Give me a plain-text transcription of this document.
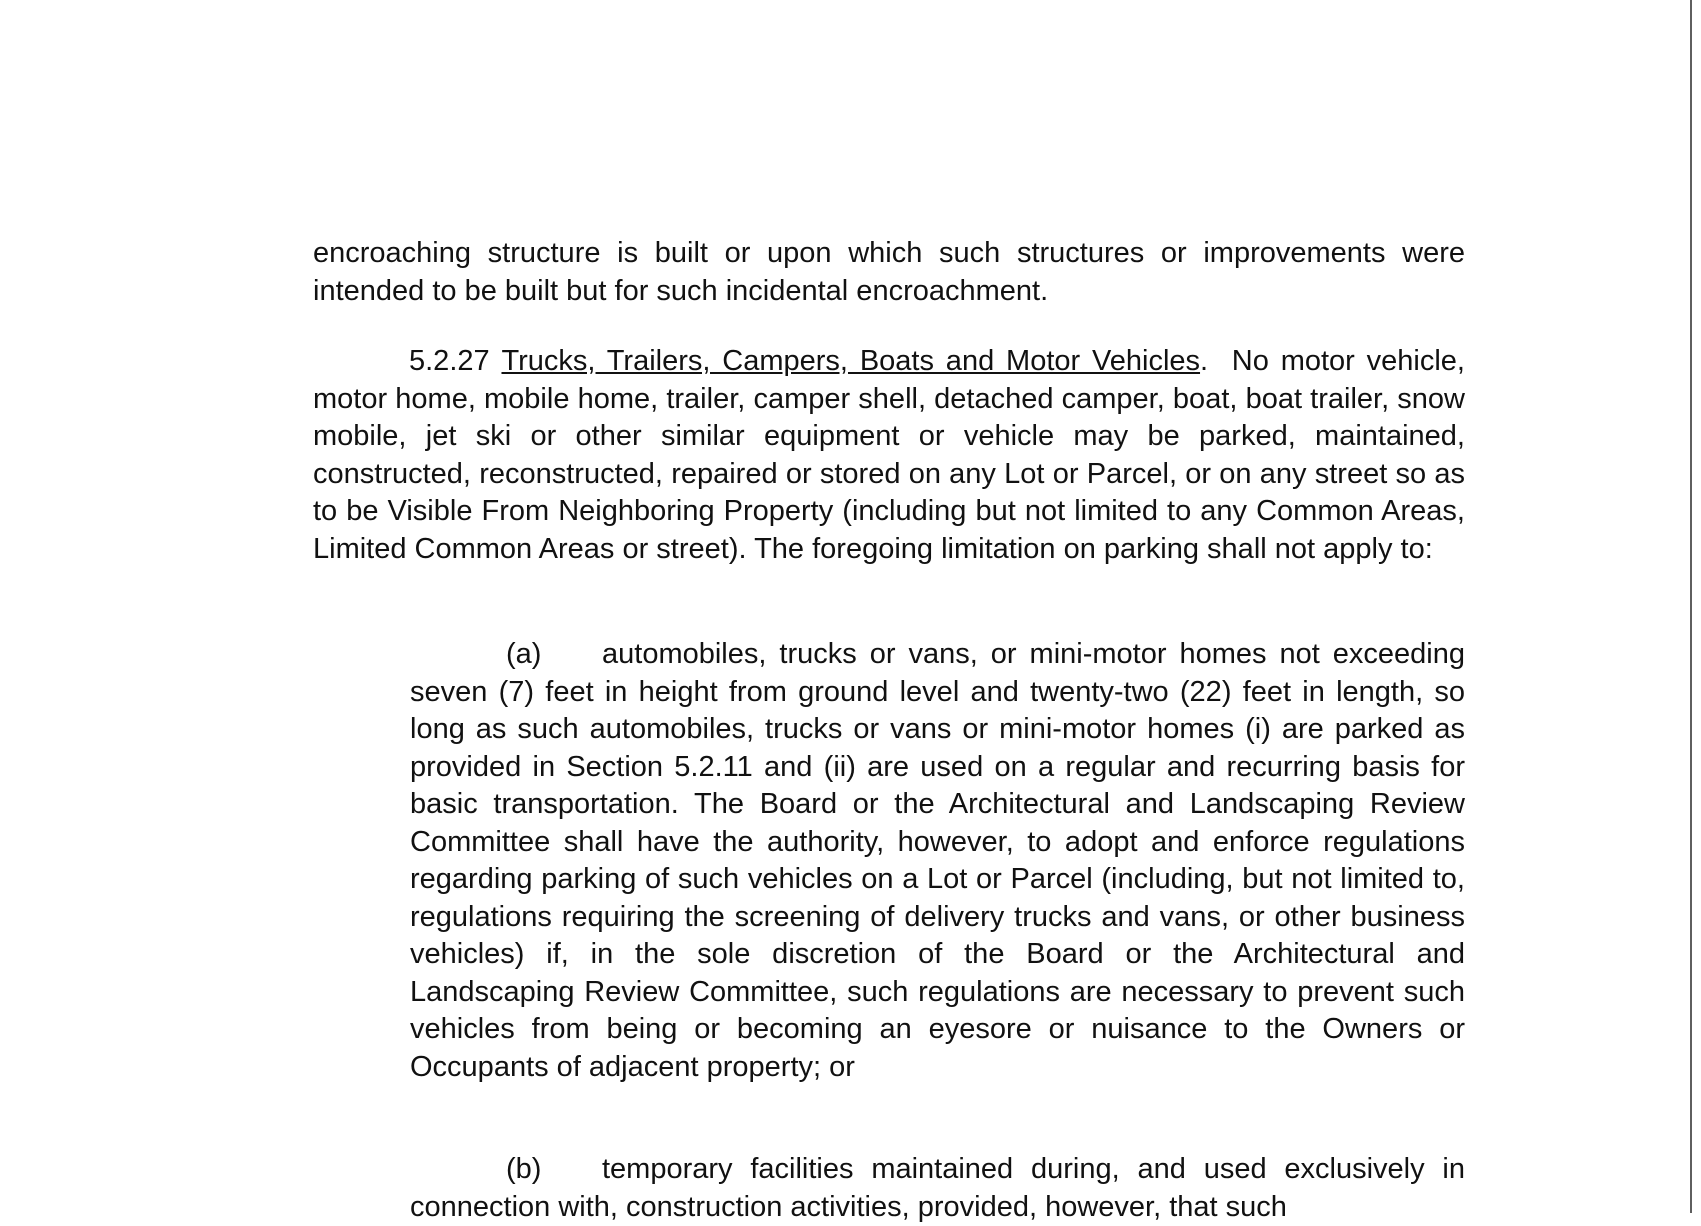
encroaching structure is built or upon which such structures or improvements were intended to be built but for such incidental encroachment.

5.2.27 Trucks, Trailers, Campers, Boats and Motor Vehicles. No motor vehicle, motor home, mobile home, trailer, camper shell, detached camper, boat, boat trailer, snow mobile, jet ski or other similar equipment or vehicle may be parked, maintained, constructed, reconstructed, repaired or stored on any Lot or Parcel, or on any street so as to be Visible From Neighboring Property (including but not limited to any Common Areas, Limited Common Areas or street). The foregoing limitation on parking shall not apply to:

(a) automobiles, trucks or vans, or mini-motor homes not exceeding seven (7) feet in height from ground level and twenty-two (22) feet in length, so long as such automobiles, trucks or vans or mini-motor homes (i) are parked as provided in Section 5.2.11 and (ii) are used on a regular and recurring basis for basic transportation. The Board or the Architectural and Landscaping Review Committee shall have the authority, however, to adopt and enforce regulations regarding parking of such vehicles on a Lot or Parcel (including, but not limited to, regulations requiring the screening of delivery trucks and vans, or other business vehicles) if, in the sole discretion of the Board or the Architectural and Landscaping Review Committee, such regulations are necessary to prevent such vehicles from being or becoming an eyesore or nuisance to the Owners or Occupants of adjacent property; or

(b) temporary facilities maintained during, and used exclusively in connection with, construction activities, provided, however, that such
